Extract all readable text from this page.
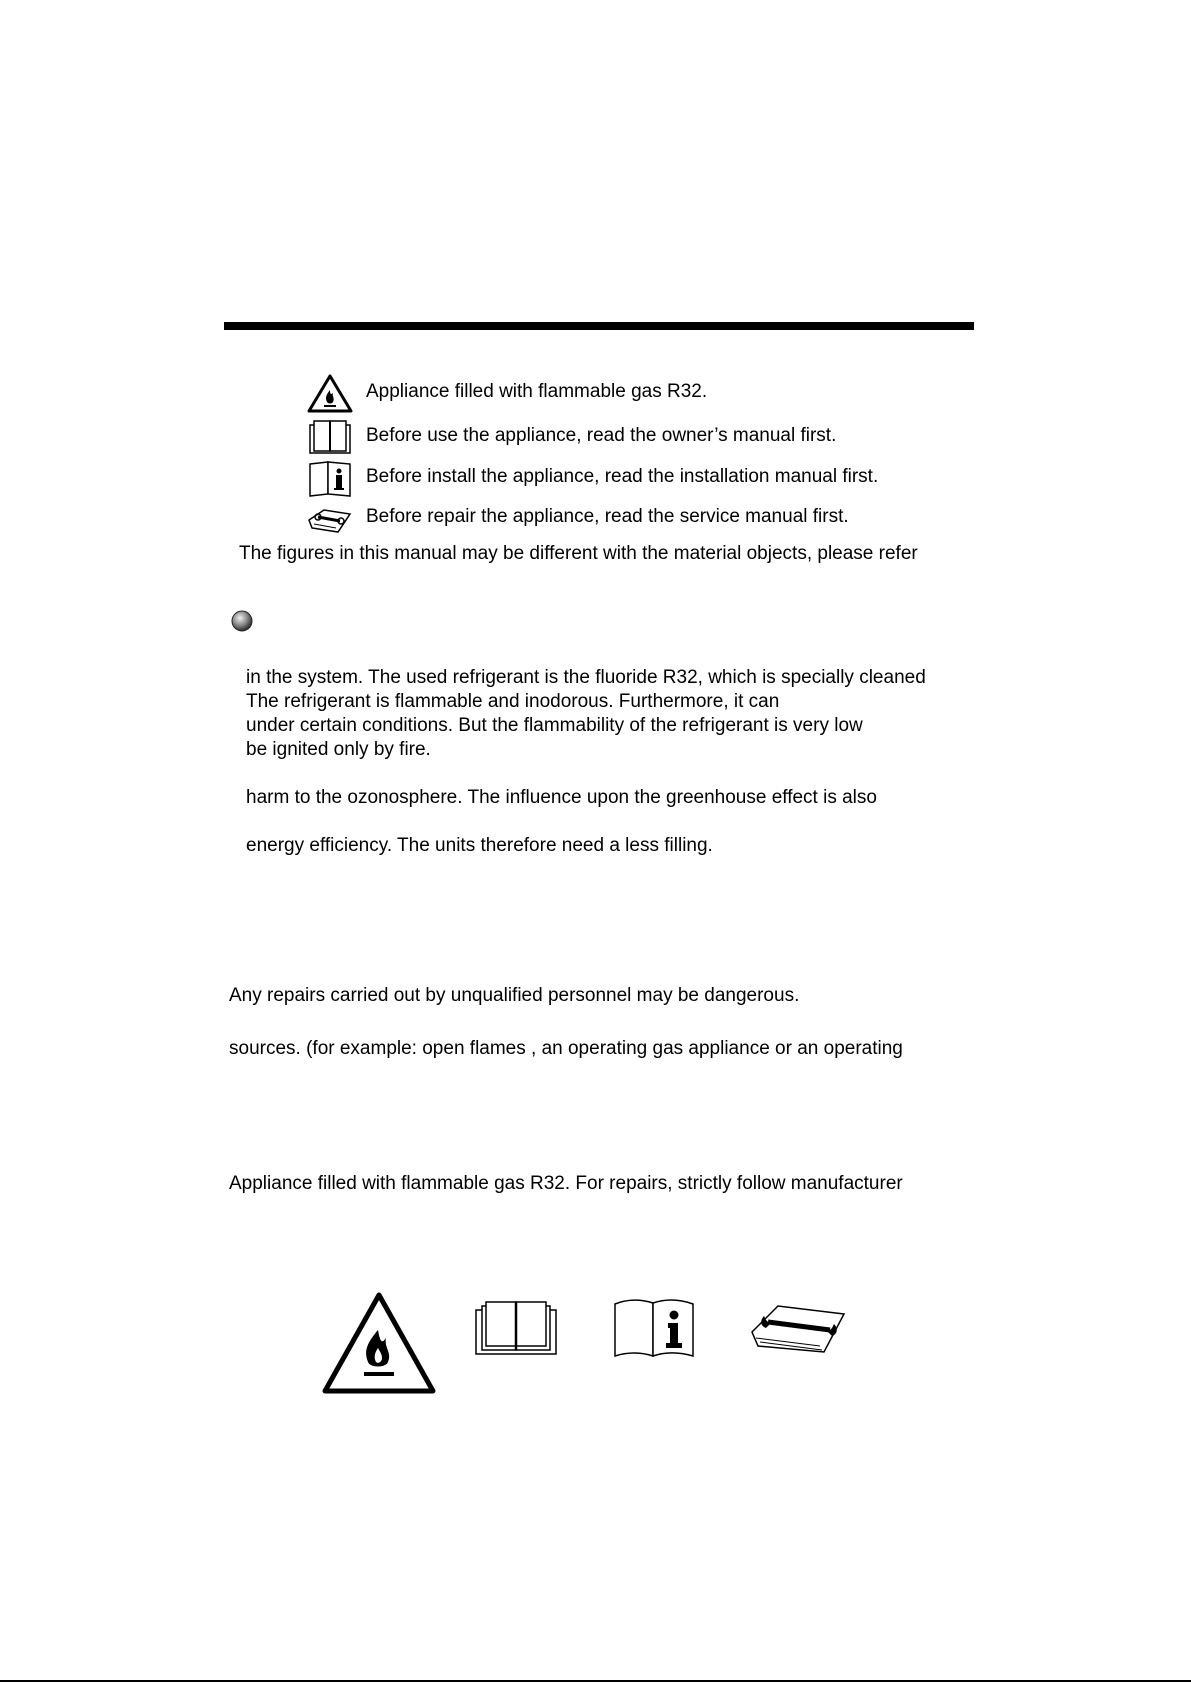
Appliance filled with flammable gas R32.
Before use the appliance, read the owner’s manual first.
Before install the appliance, read the installation manual first.
Before repair the appliance, read the service manual first.
The figures in this manual may be different with the material objects, please refer
in the system. The used refrigerant is the fluoride R32, which is specially cleaned
The refrigerant is flammable and inodorous. Furthermore, it can
under certain conditions. But the flammability of the refrigerant is very low
be ignited only by fire.
harm to the ozonosphere. The influence upon the greenhouse effect is also
energy efficiency. The units therefore need a less filling.
Any repairs carried out by unqualified personnel may be dangerous.
sources. (for example: open flames , an operating gas appliance or an operating
Appliance filled with flammable gas R32. For repairs, strictly follow manufacturer
